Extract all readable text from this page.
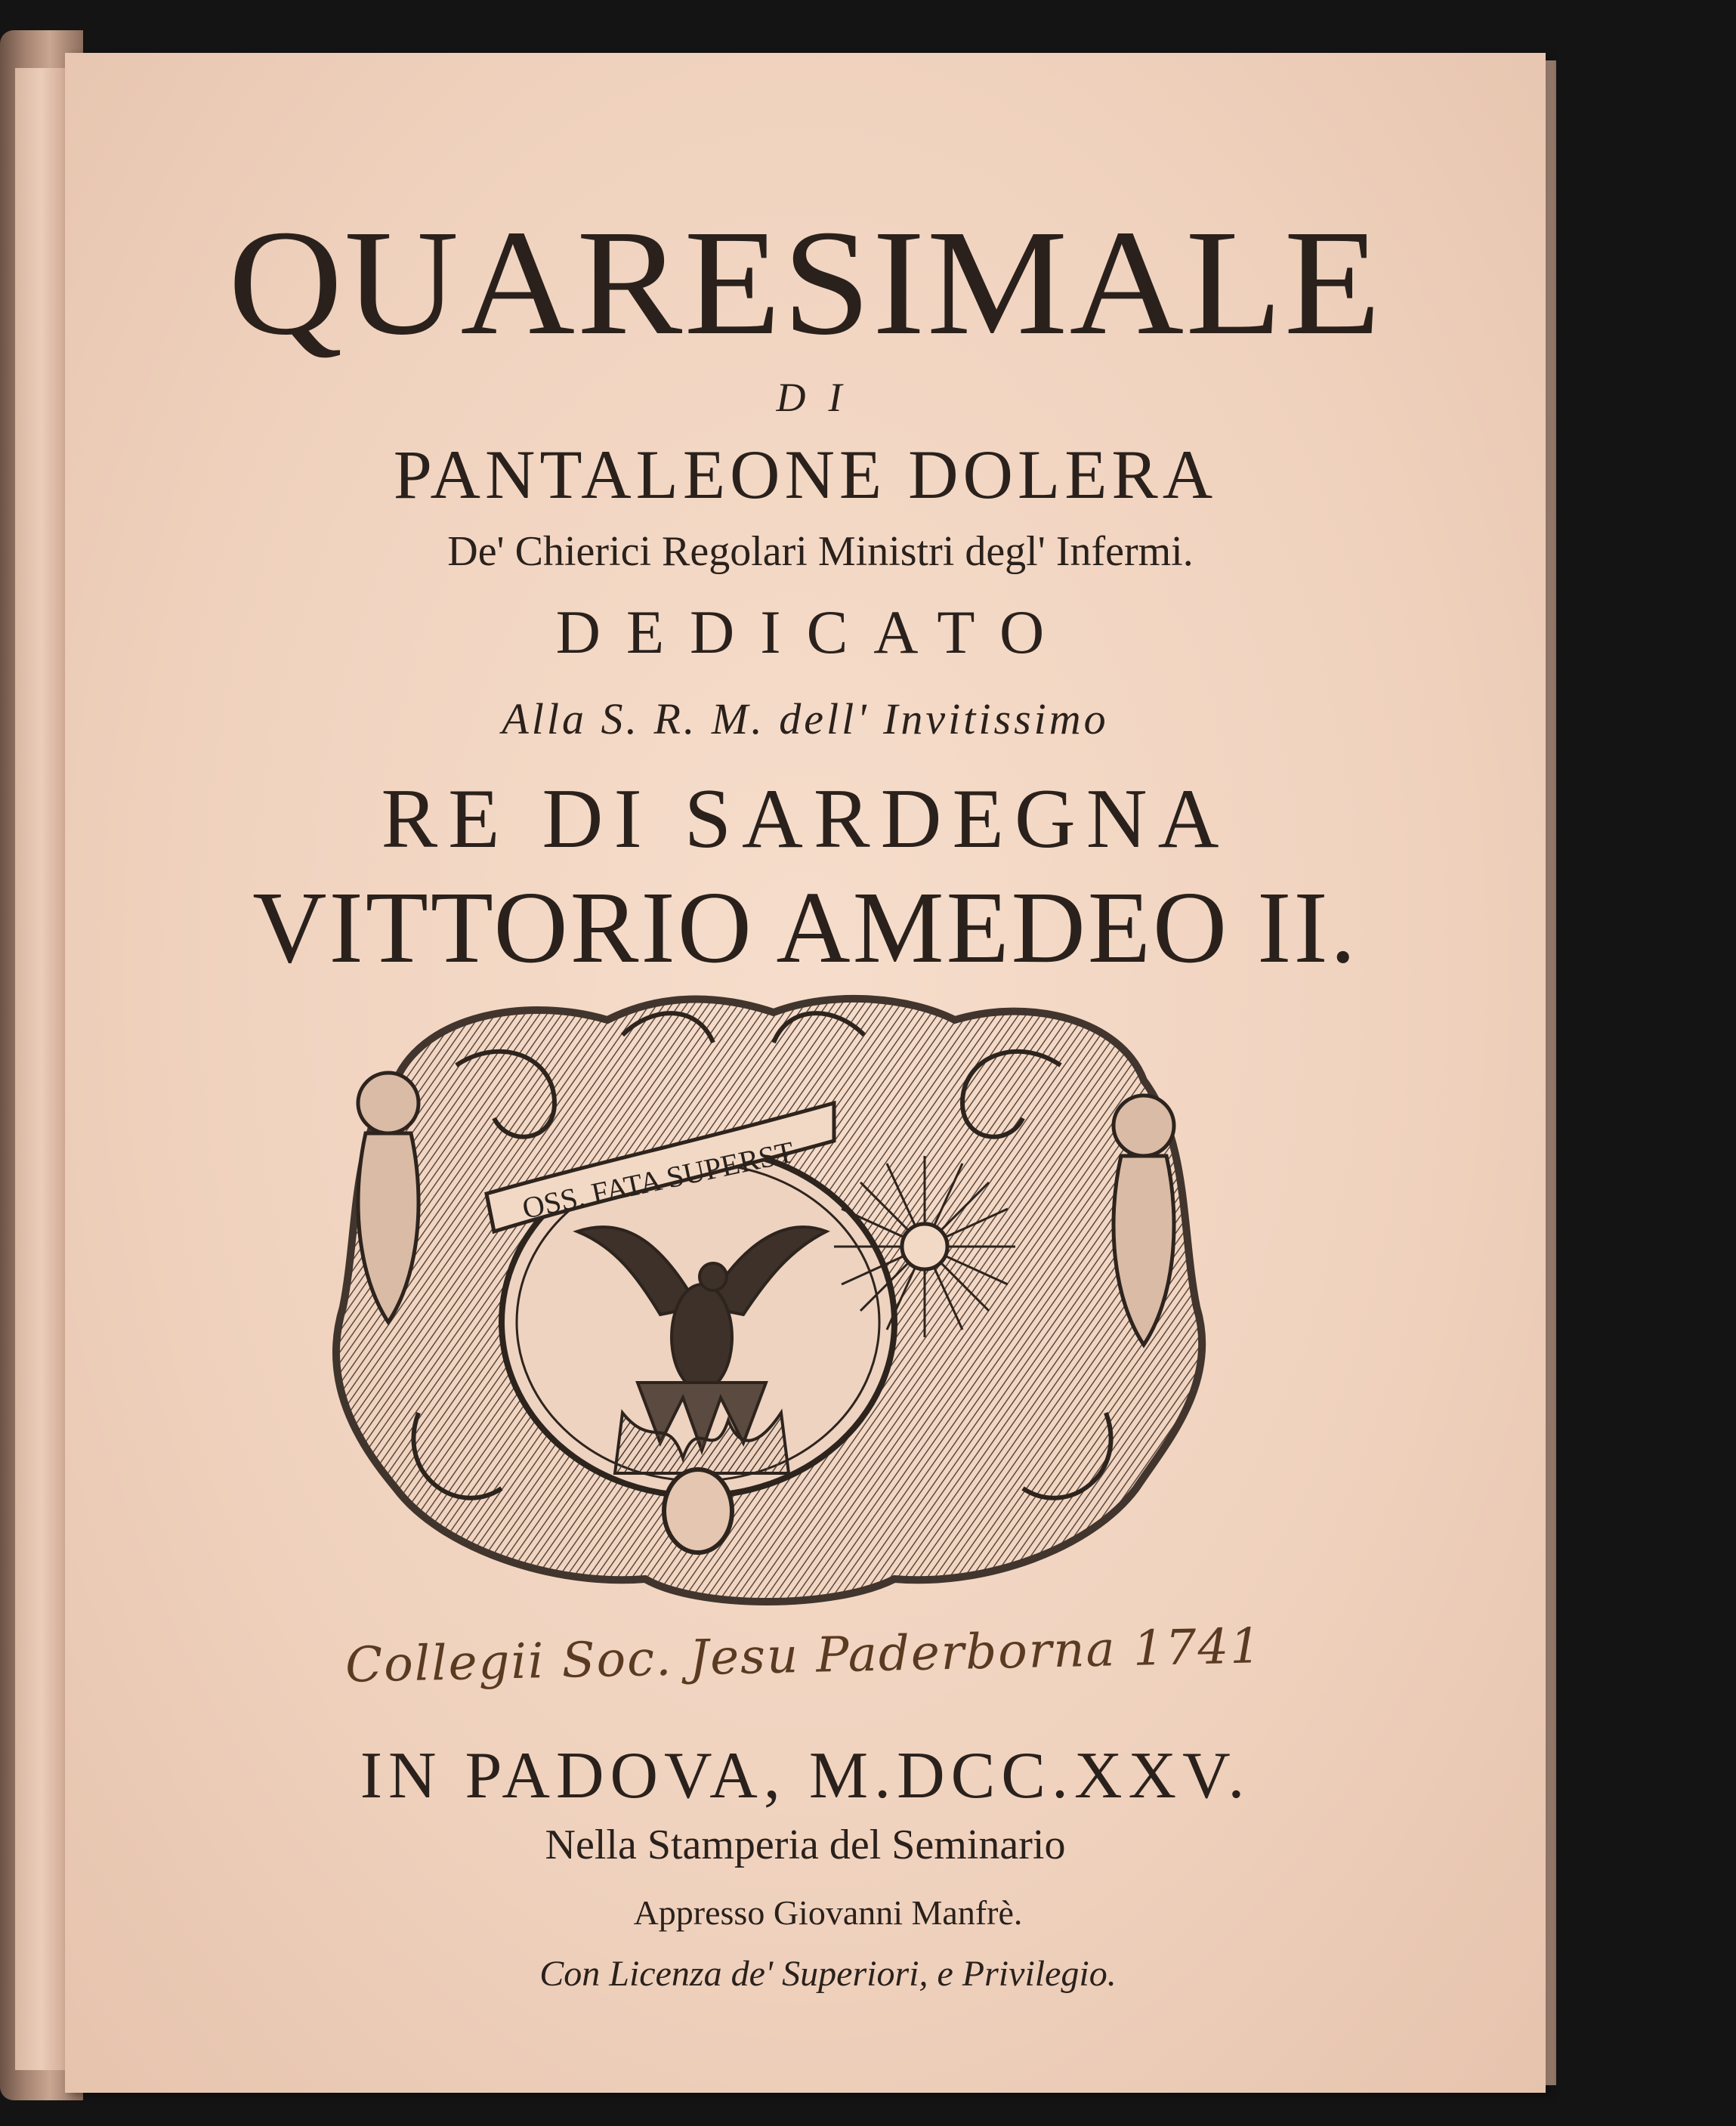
QUARESIMALE
DI
PANTALEONE DOLERA
De' Chierici Regolari Ministri degl' Infermi.
DEDICATO
Alla S. R. M. dell' Invitissimo
RE DI SARDEGNA
VITTORIO AMEDEO II.
OSS. FATA SUPERST
Collegii Soc. Jesu Paderborna 1741
IN PADOVA, M.DCC.XXV.
Nella Stamperia del Seminario
Appresso Giovanni Manfrè.
Con Licenza de' Superiori, e Privilegio.
